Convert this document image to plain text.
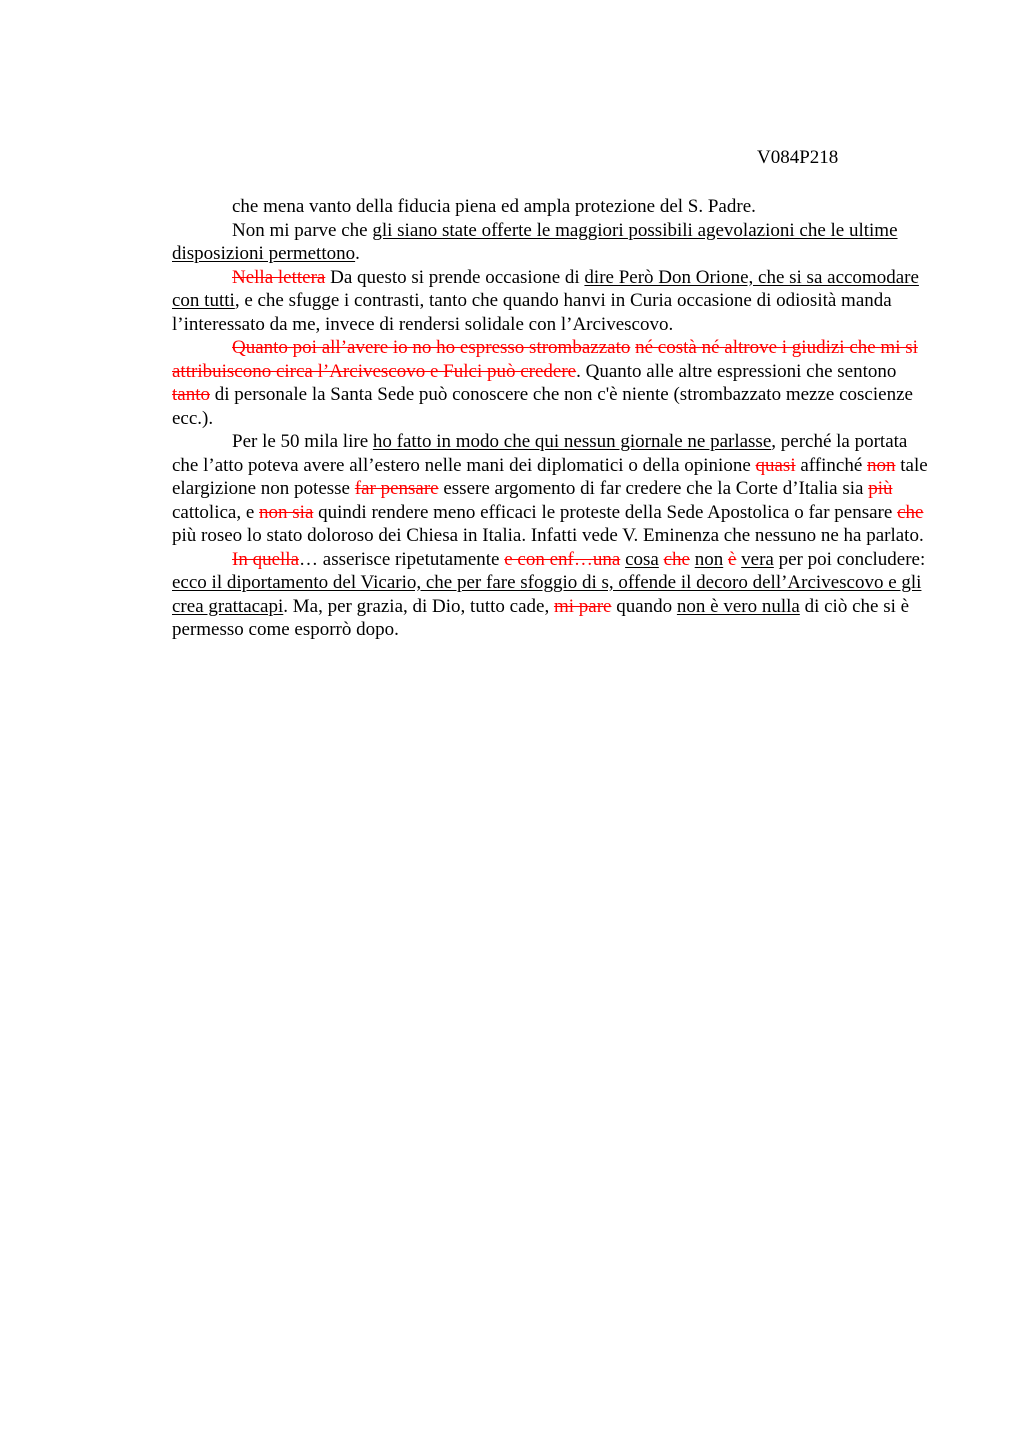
V084P218

che mena vanto della fiducia piena ed ampla protezione del S. Padre.

Non mi parve che gli siano state offerte le maggiori possibili agevolazioni che le ultime disposizioni permettono.

Nella lettera Da questo si prende occasione di dire Però Don Orione, che si sa accomodare con tutti, e che sfugge i contrasti, tanto che quando hanvi in Curia occasione di odiosità manda l’interessato da me, invece di rendersi solidale con l’Arcivescovo.

Quanto poi all’avere io no ho espresso strombazzato né costà né altrove i giudizi che mi si attribuiscono circa l’Arcivescovo e Fulci può credere. Quanto alle altre espressioni che sentono tanto di personale la Santa Sede può conoscere che non c'è niente (strombazzato mezze coscienze ecc.).

Per le 50 mila lire ho fatto in modo che qui nessun giornale ne parlasse, perché la portata che l’atto poteva avere all’estero nelle mani dei diplomatici o della opinione quasi affinché non tale elargizione non potesse far pensare essere argomento di far credere che la Corte d’Italia sia più cattolica, e non sia quindi rendere meno efficaci le proteste della Sede Apostolica o far pensare che più roseo lo stato doloroso dei Chiesa in Italia. Infatti vede V. Eminenza che nessuno ne ha parlato.

In quella… asserisce ripetutamente e con enf…una cosa che non è vera per poi concludere: ecco il diportamento del Vicario, che per fare sfoggio di s, offende il decoro dell’Arcivescovo e gli crea grattacapi. Ma, per grazia, di Dio, tutto cade, mi pare quando non è vero nulla di ciò che si è permesso come esporrò dopo.
